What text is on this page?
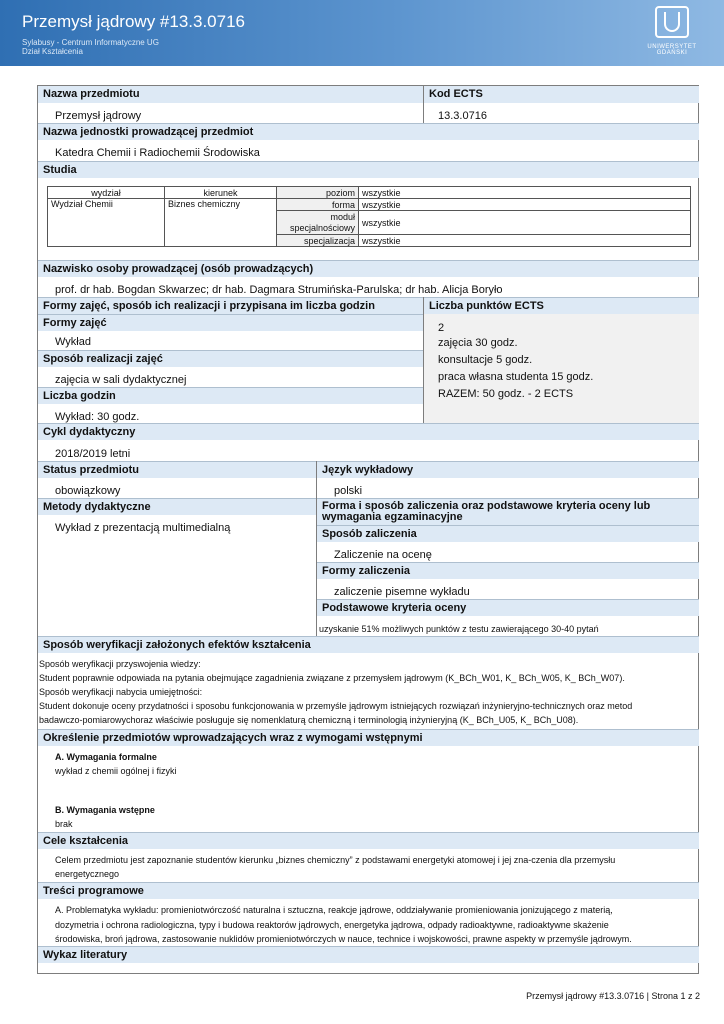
Przemysł jądrowy #13.3.0716
Sylabusy - Centrum Informatyczne UG
Dział Kształcenia	UNIWERSYTET GDAŃSKI
Nazwa przedmiotu	Kod ECTS
Przemysł jądrowy	13.3.0716
Nazwa jednostki prowadzącej przedmiot
Katedra Chemii i Radiochemii Środowiska
Studia
wydział	kierunek	poziom	wszystkie
Wydział Chemii	Biznes chemiczny	forma	wszystkie
		moduł specjalnościowy	wszystkie
		specjalizacja	wszystkie
Nazwisko osoby prowadzącej (osób prowadzących)
prof. dr hab. Bogdan Skwarzec; dr hab. Dagmara Strumińska-Parulska; dr hab. Alicja Boryło
Formy zajęć, sposób ich realizacji i przypisana im liczba godzin	Liczba punktów ECTS
Formy zajęć
Wykład
Sposób realizacji zajęć
zajęcia w sali dydaktycznej
Liczba godzin
Wykład: 30 godz.
2
zajęcia 30 godz.
konsultacje 5 godz.
praca własna studenta 15 godz.
RAZEM: 50 godz. - 2 ECTS
Cykl dydaktyczny
2018/2019 letni
Status przedmiotu	Język wykładowy
obowiązkowy	polski
Metody dydaktyczne
Wykład z prezentacją multimedialną
Forma i sposób zaliczenia oraz podstawowe kryteria oceny lub wymagania egzaminacyjne
Sposób zaliczenia
Zaliczenie na ocenę
Formy zaliczenia
zaliczenie pisemne wykładu
Podstawowe kryteria oceny
uzyskanie 51% możliwych punktów z testu zawierającego 30-40 pytań
Sposób weryfikacji założonych efektów kształcenia
Sposób weryfikacji przyswojenia wiedzy:
Student poprawnie odpowiada na pytania obejmujące zagadnienia związane z przemysłem jądrowym (K_BCh_W01, K_ BCh_W05, K_ BCh_W07).
Sposób weryfikacji nabycia umiejętności:
Student dokonuje oceny przydatności i sposobu funkcjonowania w przemyśle jądrowym istniejących rozwiązań inżynieryjno-technicznych oraz metod
badawczo-pomiarowychoraz właściwie posługuje się nomenklaturą chemiczną i terminologią inżynieryjną (K_ BCh_U05, K_ BCh_U08).
Określenie przedmiotów wprowadzających wraz z wymogami wstępnymi
A. Wymagania formalne
wykład z chemii ogólnej i fizyki
B. Wymagania wstępne
brak
Cele kształcenia
Celem przedmiotu jest zapoznanie studentów kierunku „biznes chemiczny” z podstawami energetyki atomowej i jej zna-czenia dla przemysłu
energetycznego
Treści programowe
A. Problematyka wykładu: promieniotwórczość naturalna i sztuczna, reakcje jądrowe, oddziaływanie promieniowania jonizującego z materią,
dozymetria i ochrona radiologiczna, typy i budowa reaktorów jądrowych, energetyka jądrowa, odpady radioaktywne, radioaktywne skażenie
środowiska, broń jądrowa, zastosowanie nuklidów promieniotwórczych w nauce, technice i wojskowości, prawne aspekty w przemyśle jądrowym.
Wykaz literatury
Przemysł jądrowy #13.3.0716 | Strona 1 z 2
